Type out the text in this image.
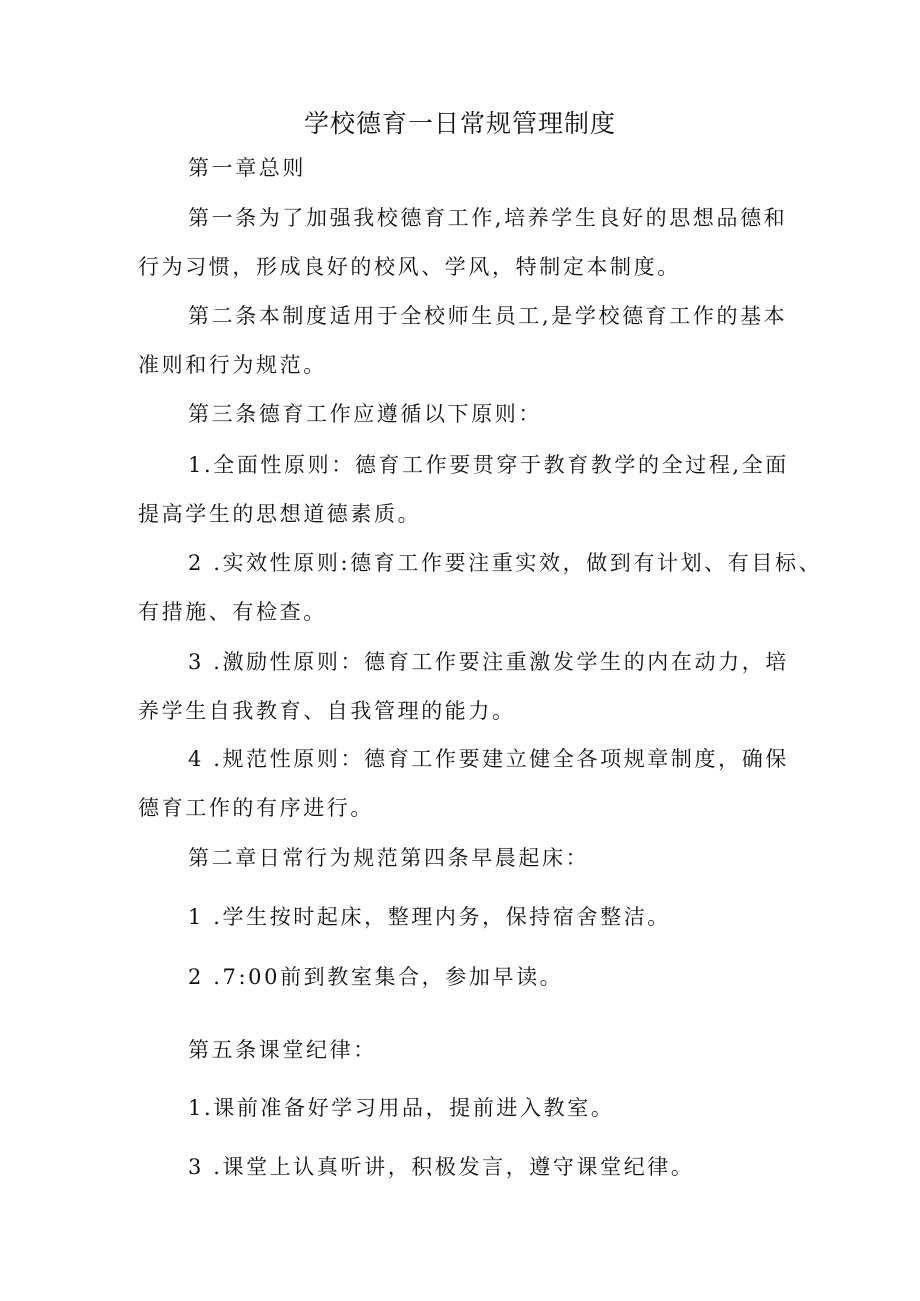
学校德育一日常规管理制度
第一章总则
第一条为了加强我校德育工作,培养学生良好的思想品德和
行为习惯，形成良好的校风、学风，特制定本制度。
第二条本制度适用于全校师生员工,是学校德育工作的基本
准则和行为规范。
第三条德育工作应遵循以下原则：
1.全面性原则：德育工作要贯穿于教育教学的全过程,全面
提高学生的思想道德素质。
2 .实效性原则:德育工作要注重实效，做到有计划、有目标、
有措施、有检查。
3 .激励性原则：德育工作要注重激发学生的内在动力，培
养学生自我教育、自我管理的能力。
4 .规范性原则：德育工作要建立健全各项规章制度，确保
德育工作的有序进行。
第二章日常行为规范第四条早晨起床：
1 .学生按时起床，整理内务，保持宿舍整洁。
2 .7:00前到教室集合，参加早读。
第五条课堂纪律：
1.课前准备好学习用品，提前进入教室。
3 .课堂上认真听讲，积极发言，遵守课堂纪律。
